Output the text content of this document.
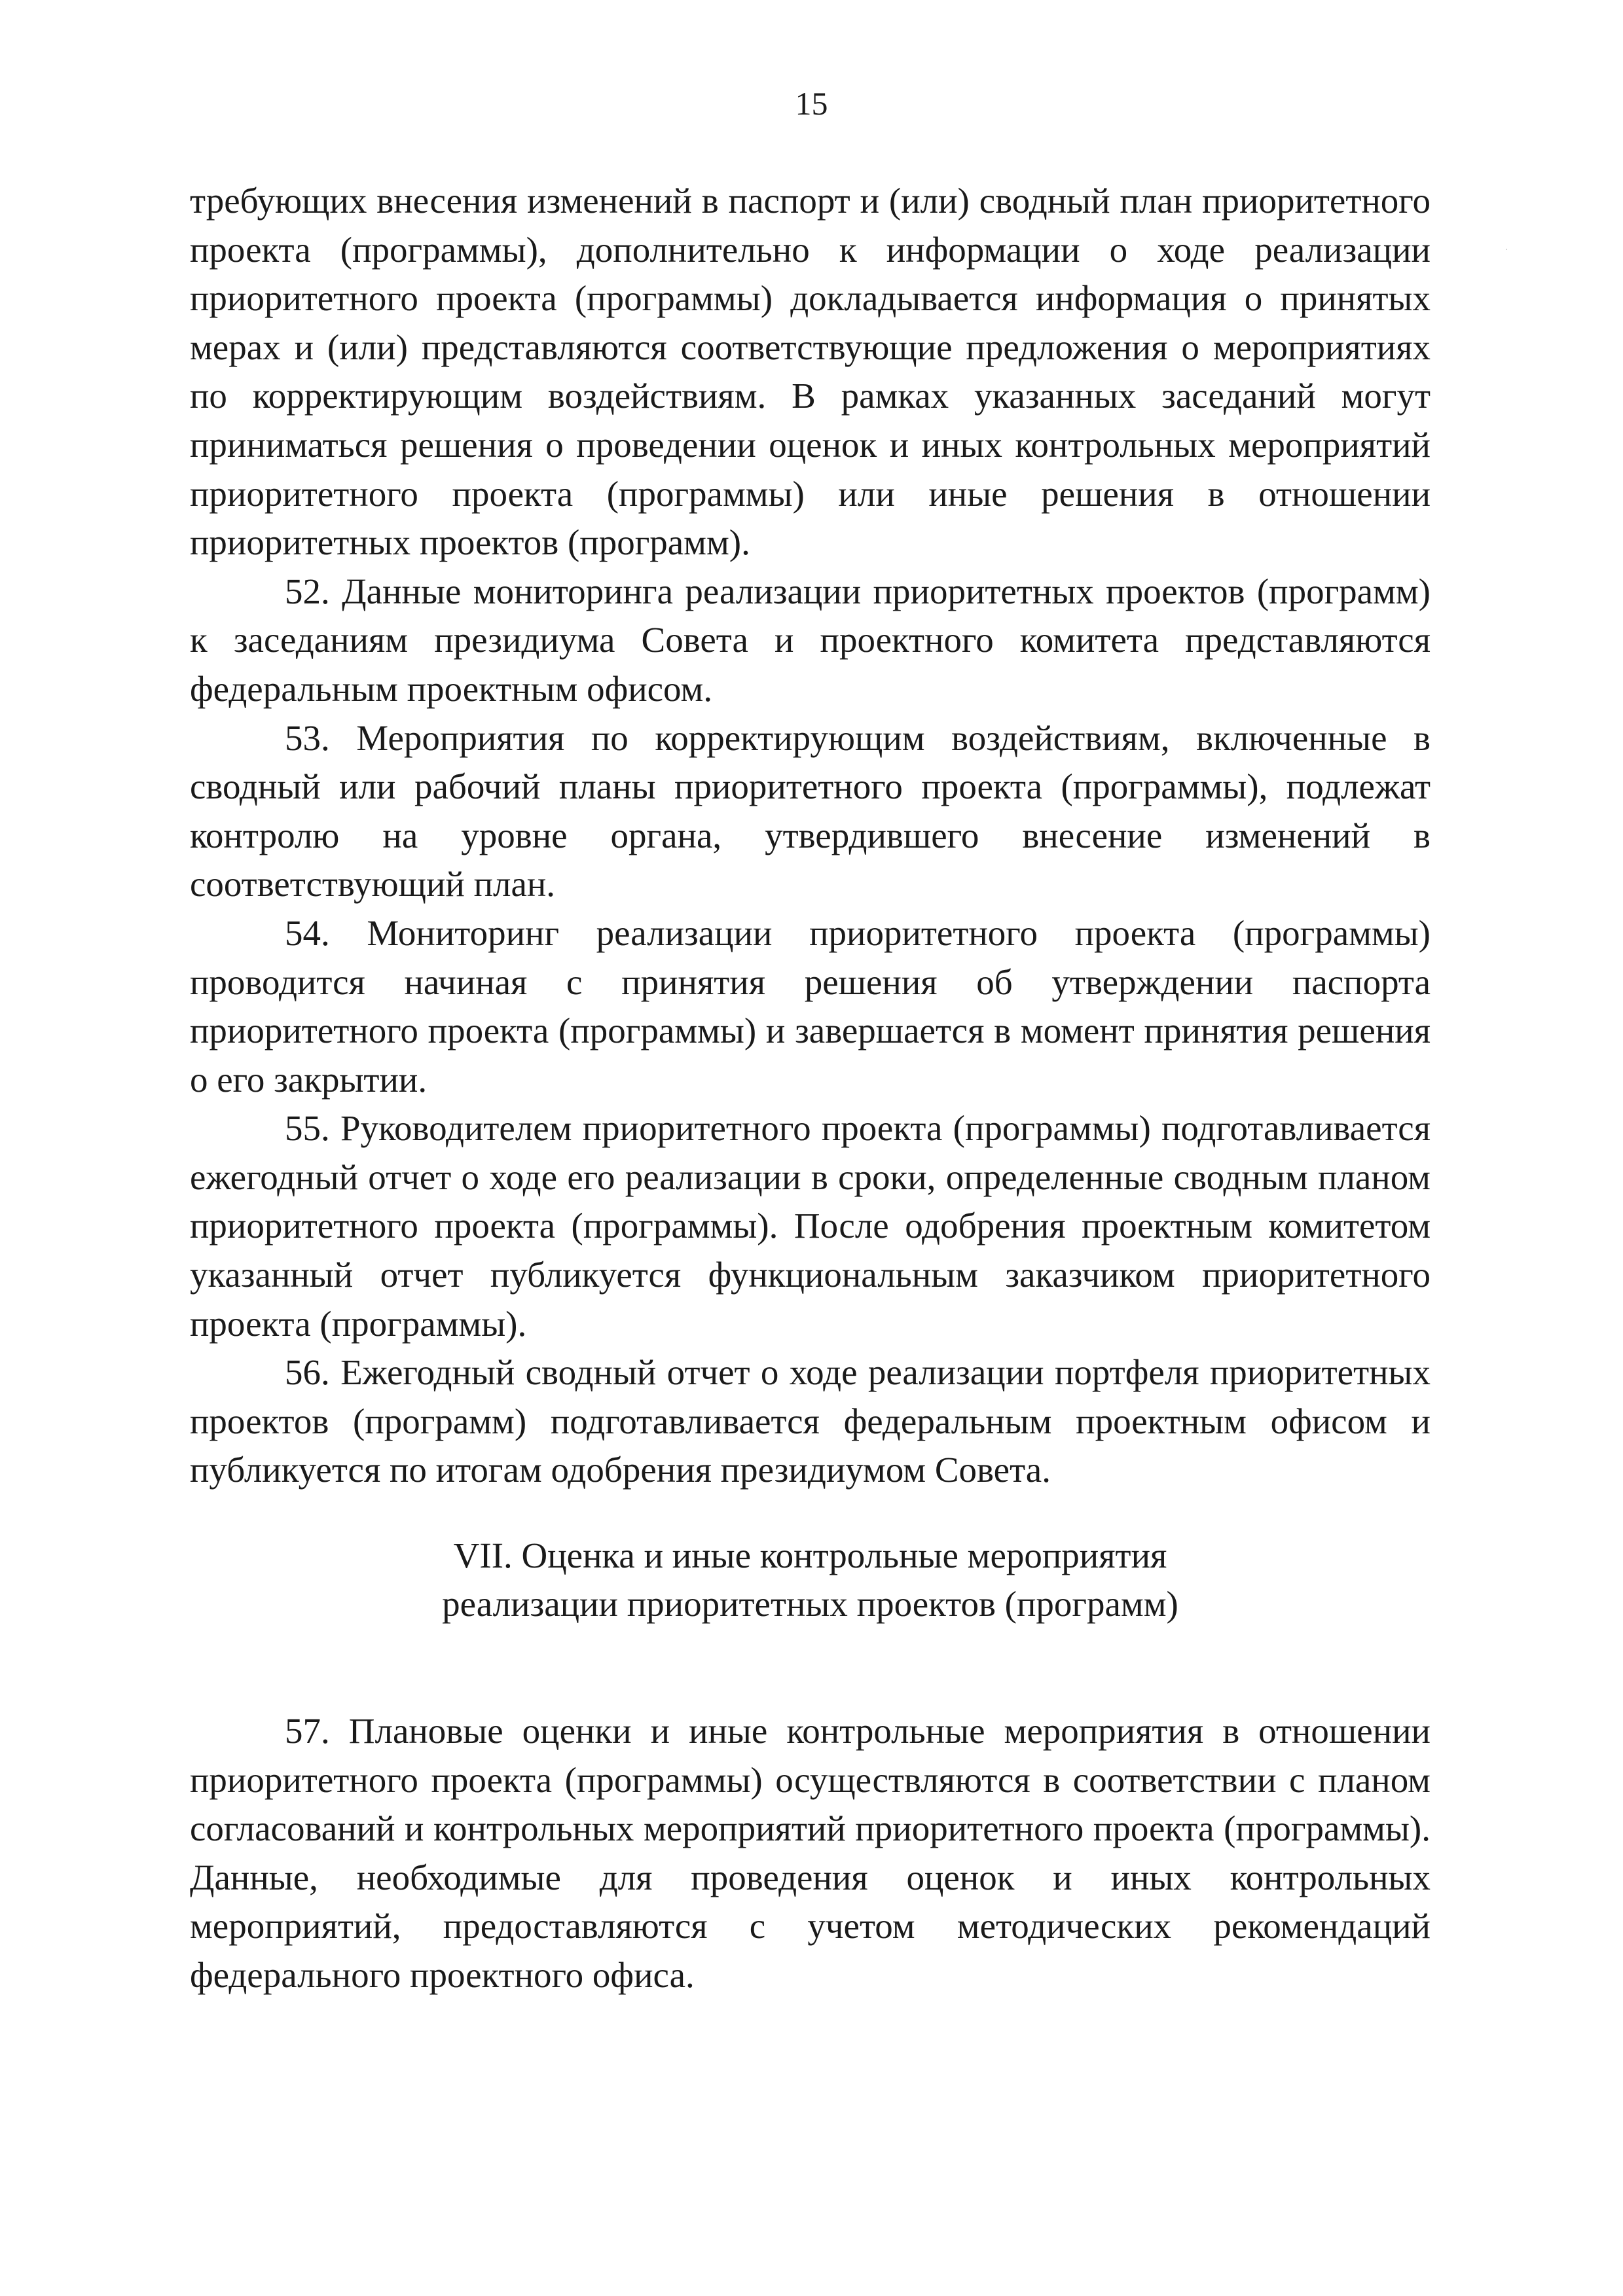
15

требующих внесения изменений в паспорт и (или) сводный план приоритетного проекта (программы), дополнительно к информации о ходе реализации приоритетного проекта (программы) докладывается информация о принятых мерах и (или) представляются соответствующие предложения о мероприятиях по корректирующим воздействиям. В рамках указанных заседаний могут приниматься решения о проведении оценок и иных контрольных мероприятий приоритетного проекта (программы) или иные решения в отношении приоритетных проектов (программ).

52. Данные мониторинга реализации приоритетных проектов (программ) к заседаниям президиума Совета и проектного комитета представляются федеральным проектным офисом.

53. Мероприятия по корректирующим воздействиям, включенные в сводный или рабочий планы приоритетного проекта (программы), подлежат контролю на уровне органа, утвердившего внесение изменений в соответствующий план.

54. Мониторинг реализации приоритетного проекта (программы) проводится начиная с принятия решения об утверждении паспорта приоритетного проекта (программы) и завершается в момент принятия решения о его закрытии.

55. Руководителем приоритетного проекта (программы) подготавливается ежегодный отчет о ходе его реализации в сроки, определенные сводным планом приоритетного проекта (программы). После одобрения проектным комитетом указанный отчет публикуется функциональным заказчиком приоритетного проекта (программы).

56. Ежегодный сводный отчет о ходе реализации портфеля приоритетных проектов (программ) подготавливается федеральным проектным офисом и публикуется по итогам одобрения президиумом Совета.

VII. Оценка и иные контрольные мероприятия
реализации приоритетных проектов (программ)

57. Плановые оценки и иные контрольные мероприятия в отношении приоритетного проекта (программы) осуществляются в соответствии с планом согласований и контрольных мероприятий приоритетного проекта (программы). Данные, необходимые для проведения оценок и иных контрольных мероприятий, предоставляются с учетом методических рекомендаций федерального проектного офиса.
